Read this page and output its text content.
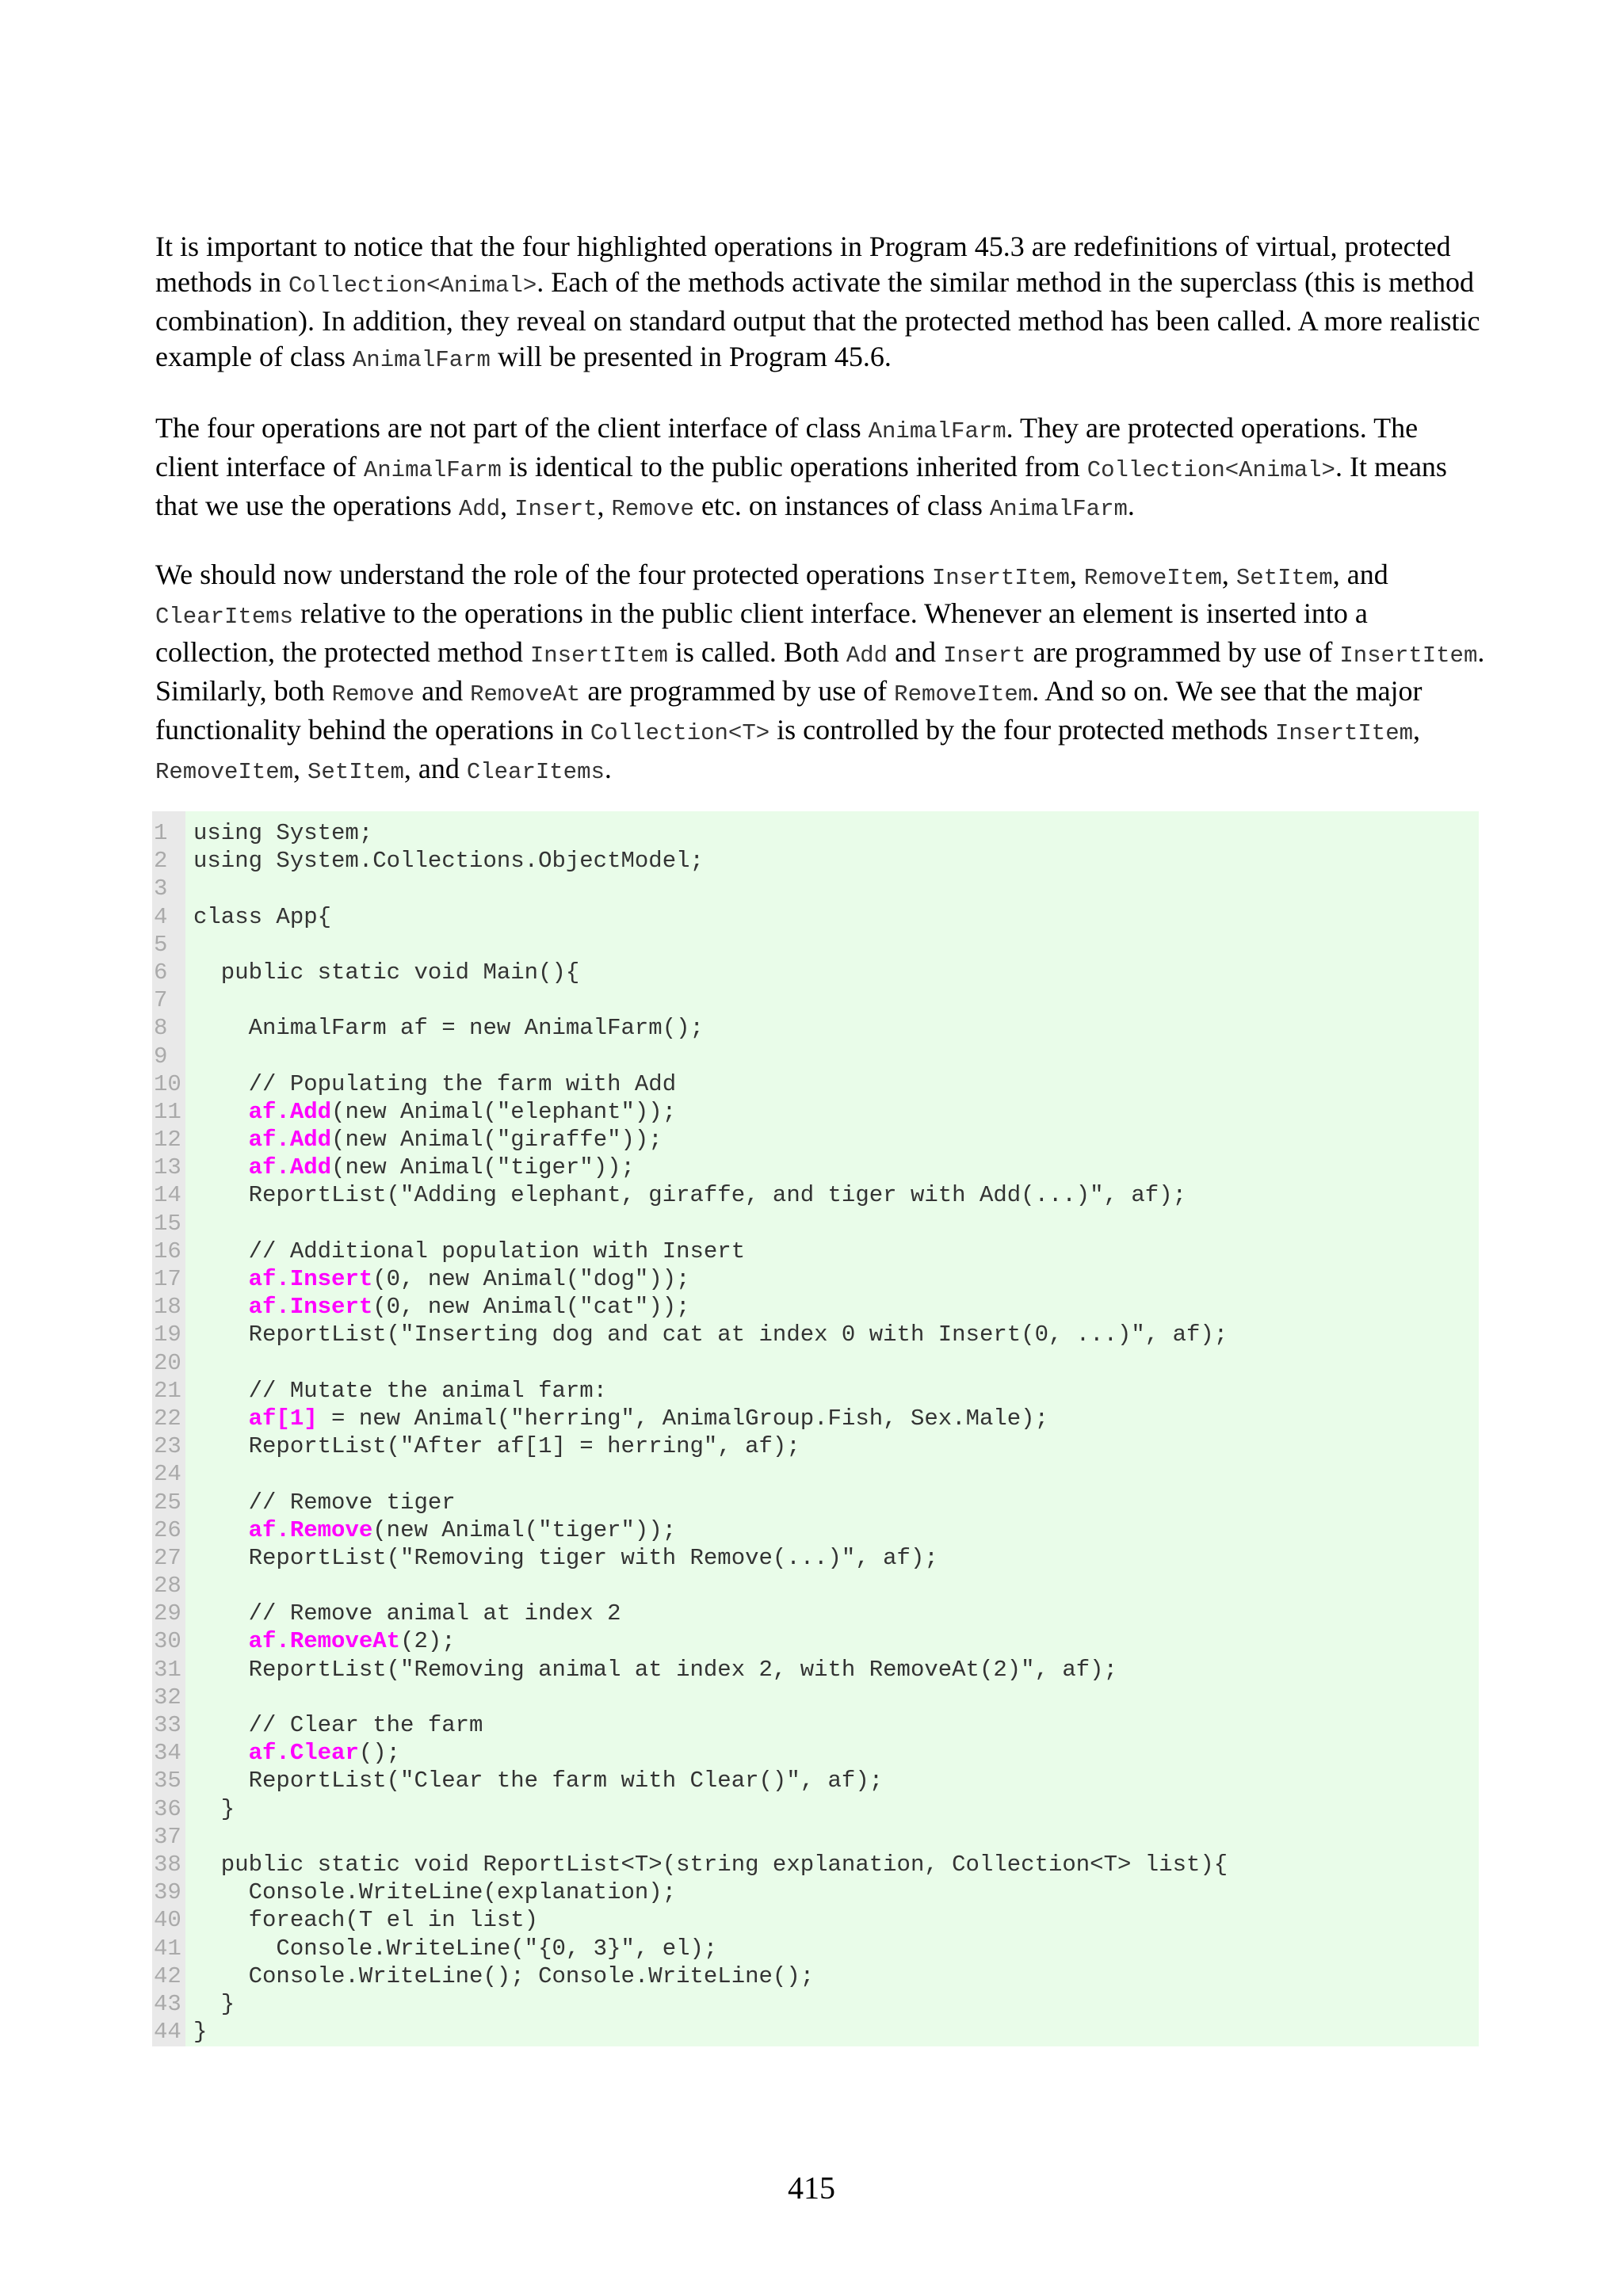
It is important to notice that the four highlighted operations in Program 45.3 are redefinitions of virtual, protected methods in Collection<Animal>. Each of the methods activate the similar method in the superclass (this is method combination). In addition, they reveal on standard output that the protected method has been called. A more realistic example of class AnimalFarm will be presented in Program 45.6.

The four operations are not part of the client interface of class AnimalFarm. They are protected operations. The client interface of AnimalFarm is identical to the public operations inherited from Collection<Animal>. It means that we use the operations Add, Insert, Remove etc. on instances of class AnimalFarm.

We should now understand the role of the four protected operations InsertItem, RemoveItem, SetItem, and ClearItems relative to the operations in the public client interface. Whenever an element is inserted into a collection, the protected method InsertItem is called. Both Add and Insert are programmed by use of InsertItem. Similarly, both Remove and RemoveAt are programmed by use of RemoveItem. And so on. We see that the major functionality behind the operations in Collection<T> is controlled by the four protected methods InsertItem, RemoveItem, SetItem, and ClearItems.

1 using System;
2 using System.Collections.ObjectModel;
3
4 class App{
5
6 public static void Main(){
7
8 AnimalFarm af = new AnimalFarm();
9
10 // Populating the farm with Add
11	af.Add(new Animal("elephant"));
12	af.Add(new Animal("giraffe"));
13	af.Add(new Animal("tiger"));
14 ReportList("Adding elephant, giraffe, and tiger with Add(...)", af);
15
16 // Additional population with Insert
17	af.Insert(0, new Animal("dog"));
18	af.Insert(0, new Animal("cat"));
19 ReportList("Inserting dog and cat at index 0 with Insert(0, ...)", af);
20
21 // Mutate the animal farm:
22	af[1] = new Animal("herring", AnimalGroup.Fish, Sex.Male);
23 ReportList("After af[1] = herring", af);
24
25 // Remove tiger
26	af.Remove(new Animal("tiger"));
27 ReportList("Removing tiger with Remove(...)", af);
28
29 // Remove animal at index 2
30	af.RemoveAt(2);
31 ReportList("Removing animal at index 2, with RemoveAt(2)", af);
32
33 // Clear the farm
34	af.Clear();
35 ReportList("Clear the farm with Clear()", af);
36 }
37
38 public static void ReportList<T>(string explanation, Collection<T> list){
39 Console.WriteLine(explanation);
40 foreach(T el in list)
41 Console.WriteLine("{0, 3}", el);
42 Console.WriteLine(); Console.WriteLine();
43 }
44 }
415
